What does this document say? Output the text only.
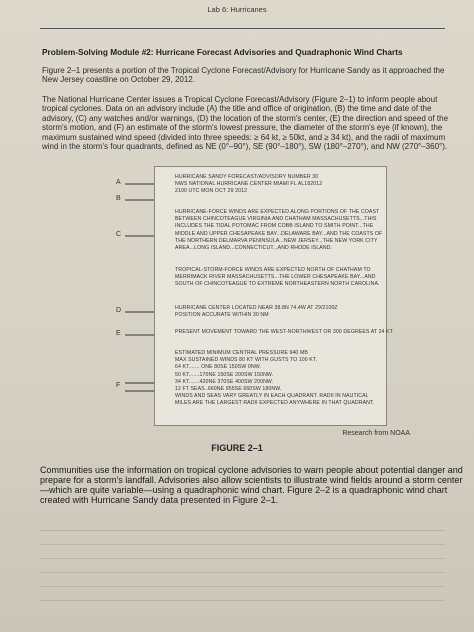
Lab 6: Hurricanes
Problem-Solving Module #2: Hurricane Forecast Advisories and Quadraphonic Wind Charts

Figure 2–1 presents a portion of the Tropical Cyclone Forecast/Advisory for Hurricane Sandy as it approached the New Jersey coastline on October 29, 2012.

The National Hurricane Center issues a Tropical Cyclone Forecast/Advisory (Figure 2–1) to inform people about tropical cyclones. Data on an advisory include (A) the title and office of origination, (B) the time and date of the advisory, (C) any watches and/or warnings, (D) the location of the storm's center, (E) the direction and speed of the storm's motion, and (F) an estimate of the storm's lowest pressure, the diameter of the storm's eye (if known), the maximum sustained wind speed (divided into three speeds: ≥ 64 kt, ≥ 50kt, and ≥ 34 kt), and the radii of maximum wind in the storm's four quadrants, defined as NE (0°–90°), SE (90°–180°), SW (180°–270°), and NW (270°–360°).

A
B
C
D
E
F
HURRICANE SANDY FORECAST/ADVISORY NUMBER 30
NWS NATIONAL HURRICANE CENTER MIAMI FL AL182012
2100 UTC MON OCT 29 2012
HURRICANE-FORCE WINDS ARE EXPECTED ALONG PORTIONS OF THE COAST
BETWEEN CHINCOTEAGUE VIRGINIA AND CHATHAM MASSACHUSETTS...THIS
INCLUDES THE TIDAL POTOMAC FROM COBB ISLAND TO SMITH POINT...THE
MIDDLE AND UPPER CHESAPEAKE BAY...DELAWARE BAY...AND THE COASTS OF
THE NORTHERN DELMARVA PENINSULA...NEW JERSEY...THE NEW YORK CITY
AREA...LONG ISLAND...CONNECTICUT...AND RHODE ISLAND.
TROPICAL-STORM-FORCE WINDS ARE EXPECTED NORTH OF CHATHAM TO
MERRIMACK RIVER MASSACHUSETTS...THE LOWER CHESAPEAKE BAY...AND
SOUTH OF CHINCOTEAGUE TO EXTREME NORTHEASTERN NORTH CAROLINA.
HURRICANE CENTER LOCATED NEAR 38.8N 74.4W AT 29/2100Z
POSITION ACCURATE WITHIN 30 NM
PRESENT MOVEMENT TOWARD THE WEST-NORTHWEST OR 300 DEGREES AT 24 KT
ESTIMATED MINIMUM CENTRAL PRESSURE 940 MB
MAX SUSTAINED WINDS 80 KT WITH GUSTS TO 100 KT.
64 KT....... ONE 80SE 150SW 0NW.
50 KT.......170NE 150SE 200SW 150NW.
34 KT.......420NE 370SE 400SW 200NW.
12 FT SEAS..660NE 955SE 660SW 180NW.
WINDS AND SEAS VARY GREATLY IN EACH QUADRANT. RADII IN NAUTICAL
MILES ARE THE LARGEST RADII EXPECTED ANYWHERE IN THAT QUADRANT.
Research from NOAA
FIGURE 2–1

Communities use the information on tropical cyclone advisories to warn people about potential danger and prepare for a storm's landfall. Advisories also allow scientists to illustrate wind fields around a storm center—which are quite variable—using a quadraphonic wind chart. Figure 2–2 is a quadraphonic wind chart created with Hurricane Sandy data presented in Figure 2–1.
